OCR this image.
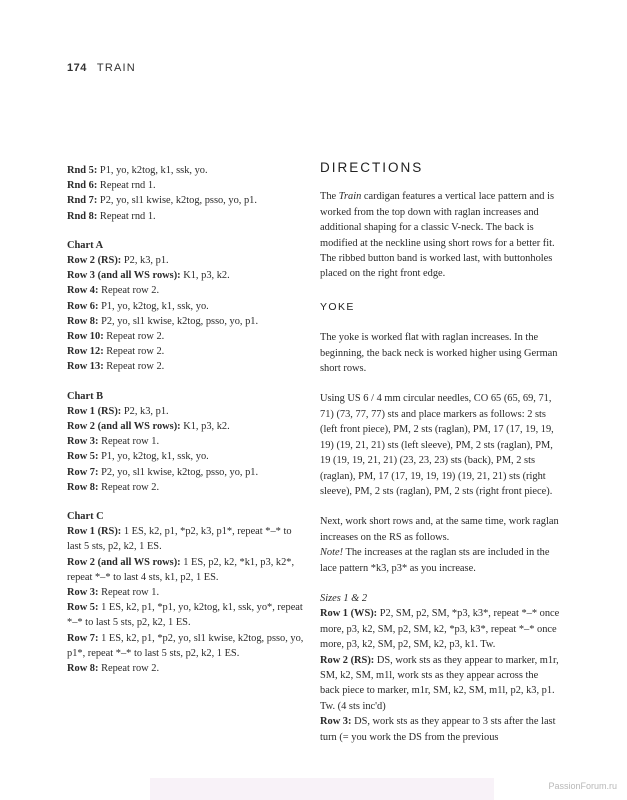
174 TRAIN
Rnd 5: P1, yo, k2tog, k1, ssk, yo.
Rnd 6: Repeat rnd 1.
Rnd 7: P2, yo, sl1 kwise, k2tog, psso, yo, p1.
Rnd 8: Repeat rnd 1.
Chart A
Row 2 (RS): P2, k3, p1.
Row 3 (and all WS rows): K1, p3, k2.
Row 4: Repeat row 2.
Row 6: P1, yo, k2tog, k1, ssk, yo.
Row 8: P2, yo, sl1 kwise, k2tog, psso, yo, p1.
Row 10: Repeat row 2.
Row 12: Repeat row 2.
Row 13: Repeat row 2.
Chart B
Row 1 (RS): P2, k3, p1.
Row 2 (and all WS rows): K1, p3, k2.
Row 3: Repeat row 1.
Row 5: P1, yo, k2tog, k1, ssk, yo.
Row 7: P2, yo, sl1 kwise, k2tog, psso, yo, p1.
Row 8: Repeat row 2.
Chart C
Row 1 (RS): 1 ES, k2, p1, *p2, k3, p1*, repeat *–* to last 5 sts, p2, k2, 1 ES.
Row 2 (and all WS rows): 1 ES, p2, k2, *k1, p3, k2*, repeat *–* to last 4 sts, k1, p2, 1 ES.
Row 3: Repeat row 1.
Row 5: 1 ES, k2, p1, *p1, yo, k2tog, k1, ssk, yo*, repeat *–* to last 5 sts, p2, k2, 1 ES.
Row 7: 1 ES, k2, p1, *p2, yo, sl1 kwise, k2tog, psso, yo, p1*, repeat *–* to last 5 sts, p2, k2, 1 ES.
Row 8: Repeat row 2.
DIRECTIONS

The Train cardigan features a vertical lace pattern and is worked from the top down with raglan increases and additional shaping for a classic V-neck. The back is modified at the neckline using short rows for a better fit. The ribbed button band is worked last, with buttonholes placed on the right front edge.

YOKE

The yoke is worked flat with raglan increases. In the beginning, the back neck is worked higher using German short rows.

Using US 6 / 4 mm circular needles, CO 65 (65, 69, 71, 71) (73, 77, 77) sts and place markers as follows: 2 sts (left front piece), PM, 2 sts (raglan), PM, 17 (17, 19, 19, 19) (19, 21, 21) sts (left sleeve), PM, 2 sts (raglan), PM, 19 (19, 19, 21, 21) (23, 23, 23) sts (back), PM, 2 sts (raglan), PM, 17 (17, 19, 19, 19) (19, 21, 21) sts (right sleeve), PM, 2 sts (raglan), PM, 2 sts (right front piece).

Next, work short rows and, at the same time, work raglan increases on the RS as follows.
Note! The increases at the raglan sts are included in the lace pattern *k3, p3* as you increase.

Sizes 1 & 2
Row 1 (WS): P2, SM, p2, SM, *p3, k3*, repeat *–* once more, p3, k2, SM, p2, SM, k2, *p3, k3*, repeat *–* once more, p3, k2, SM, p2, SM, k2, p3, k1. Tw.
Row 2 (RS): DS, work sts as they appear to marker, m1r, SM, k2, SM, m1l, work sts as they appear across the back piece to marker, m1r, SM, k2, SM, m1l, p2, k3, p1. Tw. (4 sts inc'd)
Row 3: DS, work sts as they appear to 3 sts after the last turn (= you work the DS from the previous
PassionForum.ru
